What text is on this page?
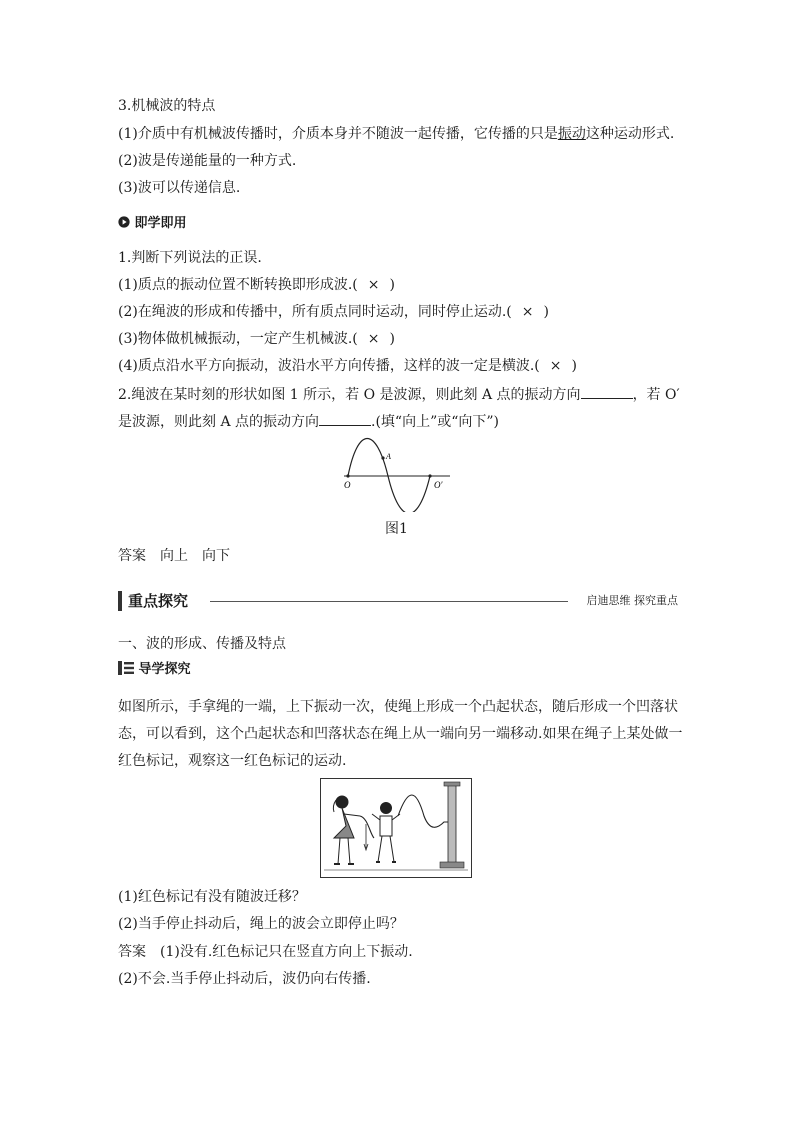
3.机械波的特点
(1)介质中有机械波传播时，介质本身并不随波一起传播，它传播的只是振动这种运动形式.
(2)波是传递能量的一种方式.
(3)波可以传递信息.
即学即用
1.判断下列说法的正误.
(1)质点的振动位置不断转换即形成波.( × )
(2)在绳波的形成和传播中，所有质点同时运动，同时停止运动.( × )
(3)物体做机械振动，一定产生机械波.( × )
(4)质点沿水平方向振动，波沿水平方向传播，这样的波一定是横波.( × )
2.绳波在某时刻的形状如图 1 所示，若 O 是波源，则此刻 A 点的振动方向	，若 O′
是波源，则此刻 A 点的振动方向	.(填“向上”或“向下”)
O	O′
A
图1
答案　向上　向下
重点探究	启迪思维 探究重点
一、波的形成、传播及特点
导学探究
如图所示，手拿绳的一端，上下振动一次，使绳上形成一个凸起状态，随后形成一个凹落状
态，可以看到，这个凸起状态和凹落状态在绳上从一端向另一端移动.如果在绳子上某处做一
红色标记，观察这一红色标记的运动.
(1)红色标记有没有随波迁移？
(2)当手停止抖动后，绳上的波会立即停止吗？
答案　(1)没有.红色标记只在竖直方向上下振动.
(2)不会.当手停止抖动后，波仍向右传播.
